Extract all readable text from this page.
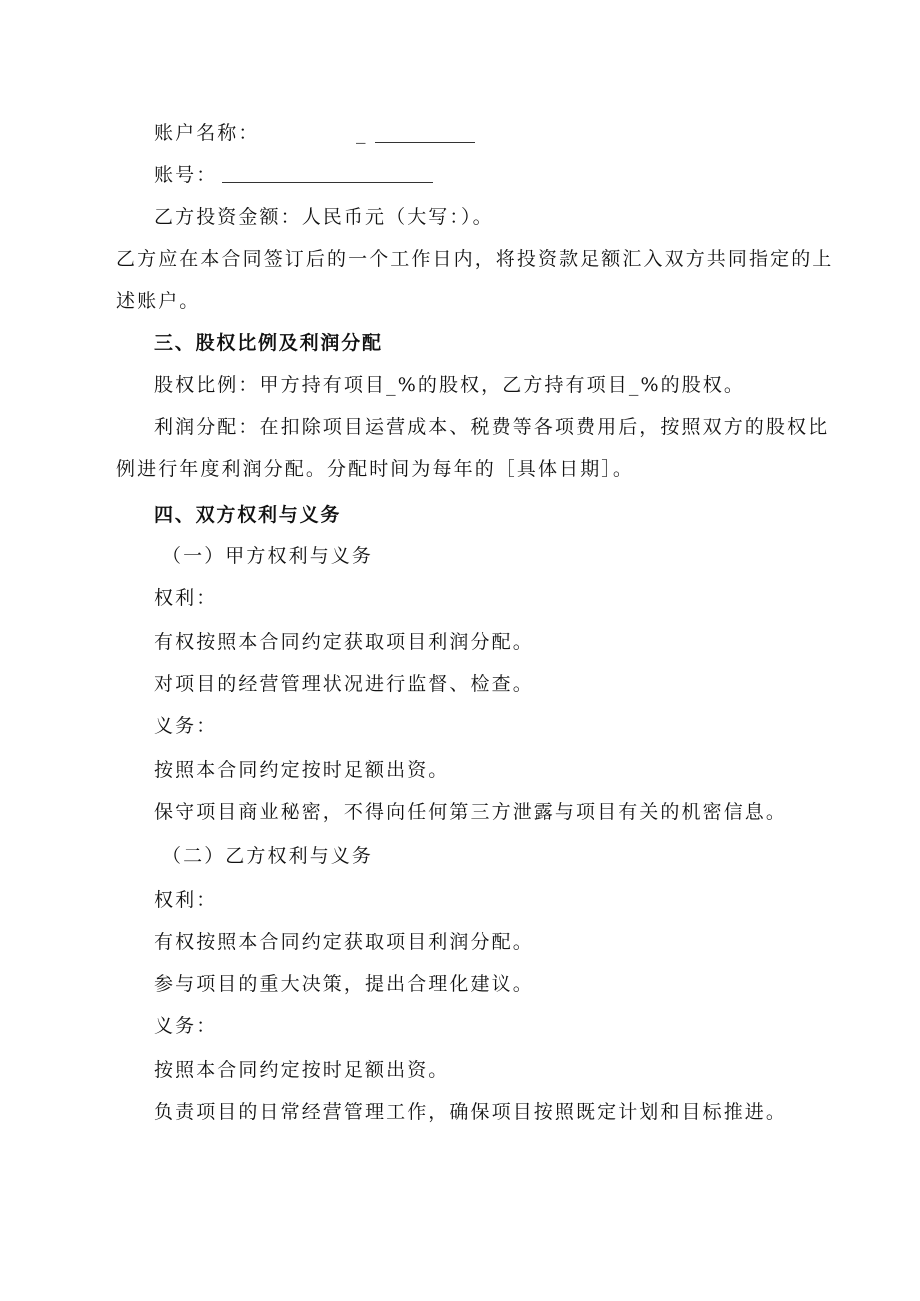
账户名称：	_
账号：
乙方投资金额：人民币元（大写：）。
乙方应在本合同签订后的一个工作日内，将投资款足额汇入双方共同指定的上
述账户。
三、股权比例及利润分配
股权比例：甲方持有项目_%的股权，乙方持有项目_%的股权。
利润分配：在扣除项目运营成本、税费等各项费用后，按照双方的股权比
例进行年度利润分配。分配时间为每年的［具体日期］。
四、双方权利与义务
（一）甲方权利与义务
权利：
有权按照本合同约定获取项目利润分配。
对项目的经营管理状况进行监督、检查。
义务：
按照本合同约定按时足额出资。
保守项目商业秘密，不得向任何第三方泄露与项目有关的机密信息。
（二）乙方权利与义务
权利：
有权按照本合同约定获取项目利润分配。
参与项目的重大决策，提出合理化建议。
义务：
按照本合同约定按时足额出资。
负责项目的日常经营管理工作，确保项目按照既定计划和目标推进。
